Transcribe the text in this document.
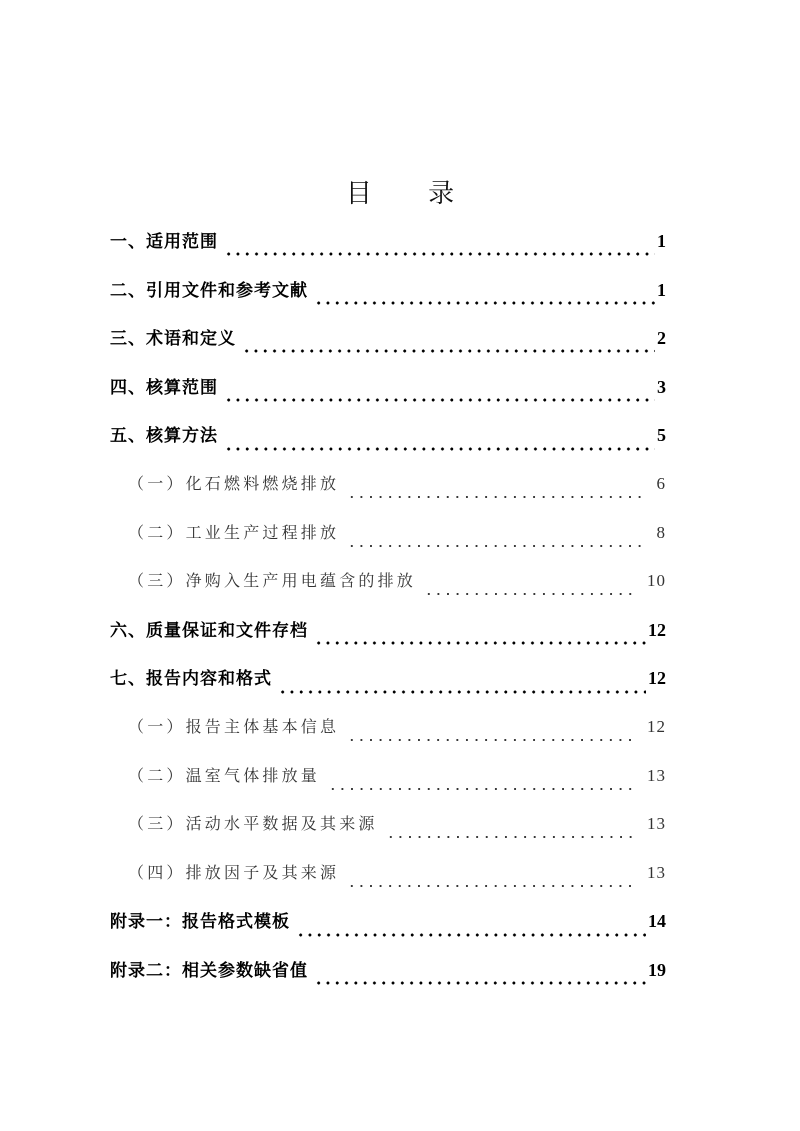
目 录
一、适用范围	1
二、引用文件和参考文献	1
三、术语和定义	2
四、核算范围	3
五、核算方法	5
（一）化石燃料燃烧排放	6
（二）工业生产过程排放	8
（三）净购入生产用电蕴含的排放	10
六、质量保证和文件存档	12
七、报告内容和格式	12
（一）报告主体基本信息	12
（二）温室气体排放量	13
（三）活动水平数据及其来源	13
（四）排放因子及其来源	13
附录一：报告格式模板	14
附录二：相关参数缺省值	19
